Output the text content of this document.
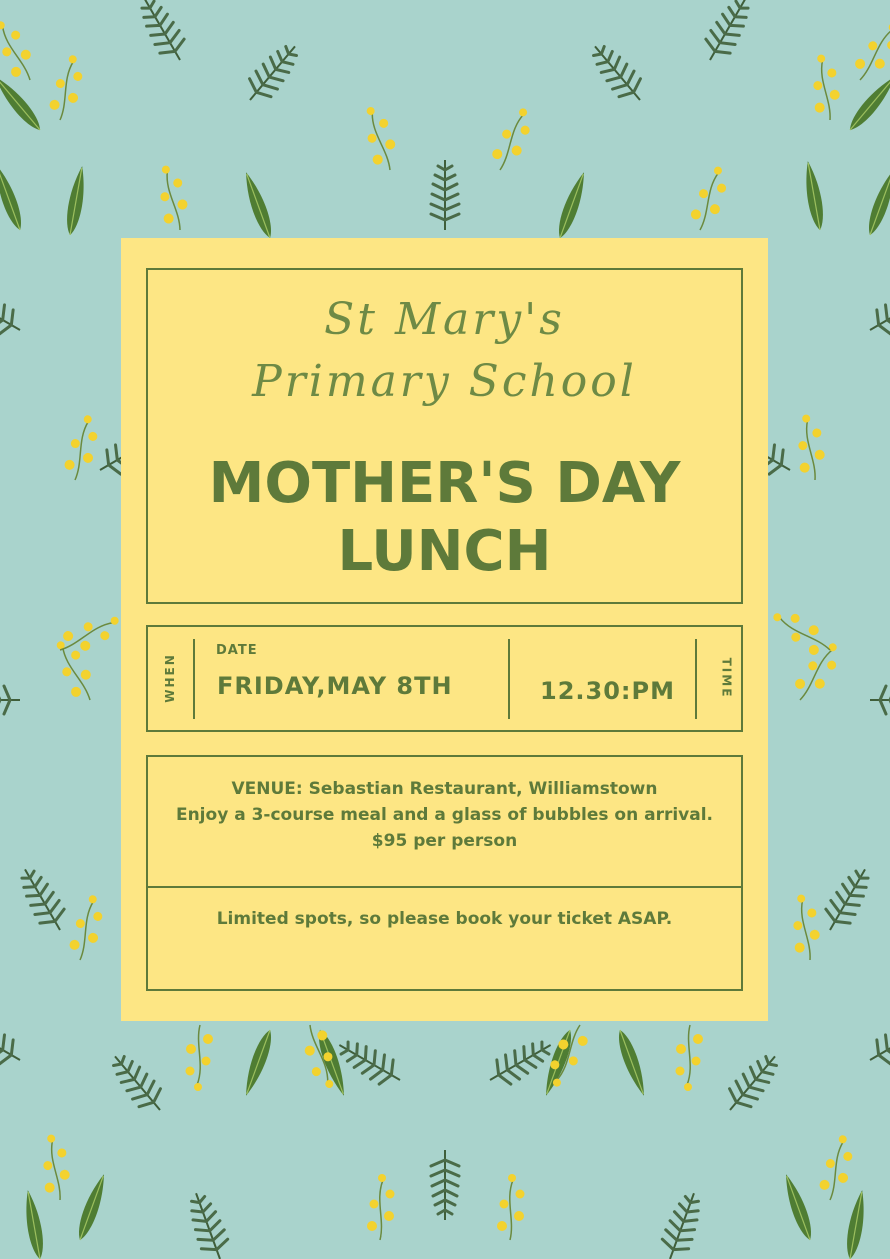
St Mary's
Primary School
MOTHER'S DAY
LUNCH
WHEN
DATE
FRIDAY,MAY 8TH	12.30:PM	TIME
VENUE: Sebastian Restaurant, Williamstown
Enjoy a 3-course meal and a glass of bubbles on arrival.
$95 per person
Limited spots, so please book your ticket ASAP.
